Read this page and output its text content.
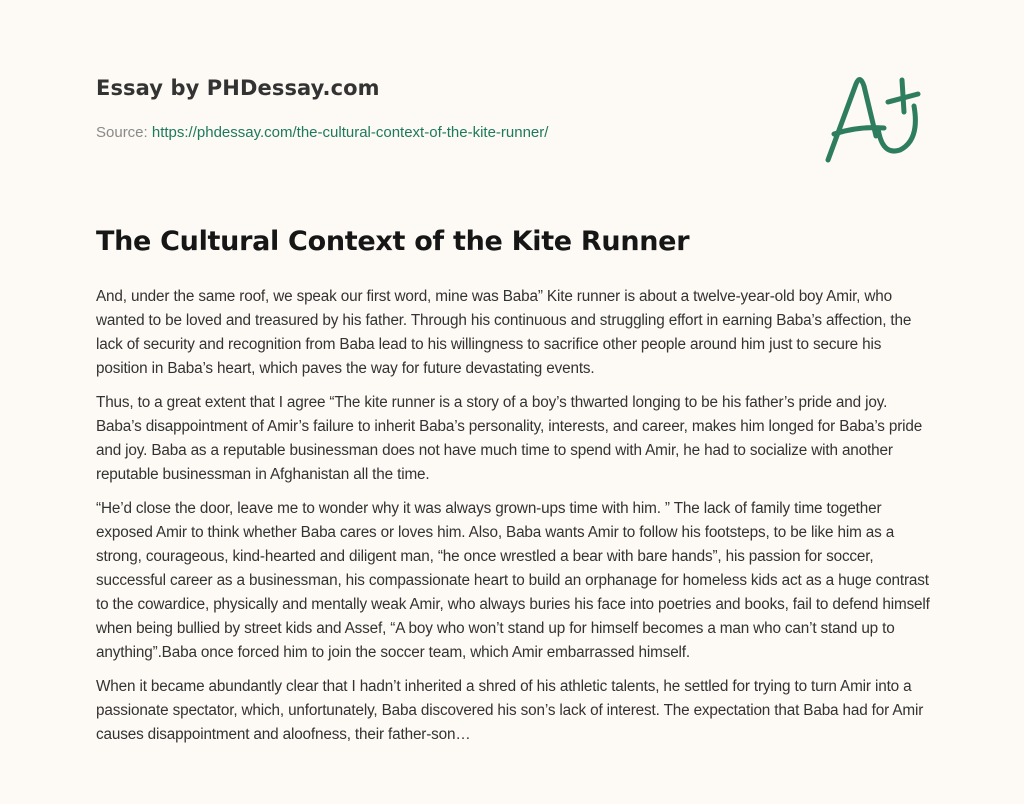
Essay by PHDessay.com
Source: https://phdessay.com/the-cultural-context-of-the-kite-runner/
The Cultural Context of the Kite Runner

And, under the same roof, we speak our first word, mine was Baba” Kite runner is about a twelve-year-old boy Amir, who wanted to be loved and treasured by his father. Through his continuous and struggling effort in earning Baba’s affection, the lack of security and recognition from Baba lead to his willingness to sacrifice other people around him just to secure his position in Baba’s heart, which paves the way for future devastating events.

Thus, to a great extent that I agree “The kite runner is a story of a boy’s thwarted longing to be his father’s pride and joy. Baba’s disappointment of Amir’s failure to inherit Baba’s personality, interests, and career, makes him longed for Baba’s pride and joy. Baba as a reputable businessman does not have much time to spend with Amir, he had to socialize with another reputable businessman in Afghanistan all the time.

“He’d close the door, leave me to wonder why it was always grown-ups time with him. ” The lack of family time together exposed Amir to think whether Baba cares or loves him. Also, Baba wants Amir to follow his footsteps, to be like him as a strong, courageous, kind-hearted and diligent man, “he once wrestled a bear with bare hands”, his passion for soccer, successful career as a businessman, his compassionate heart to build an orphanage for homeless kids act as a huge contrast to the cowardice, physically and mentally weak Amir, who always buries his face into poetries and books, fail to defend himself when being bullied by street kids and Assef, “A boy who won’t stand up for himself becomes a man who can’t stand up to anything”.Baba once forced him to join the soccer team, which Amir embarrassed himself.

When it became abundantly clear that I hadn’t inherited a shred of his athletic talents, he settled for trying to turn Amir into a passionate spectator, which, unfortunately, Baba discovered his son’s lack of interest. The expectation that Baba had for Amir causes disappointment and aloofness, their father-son…
